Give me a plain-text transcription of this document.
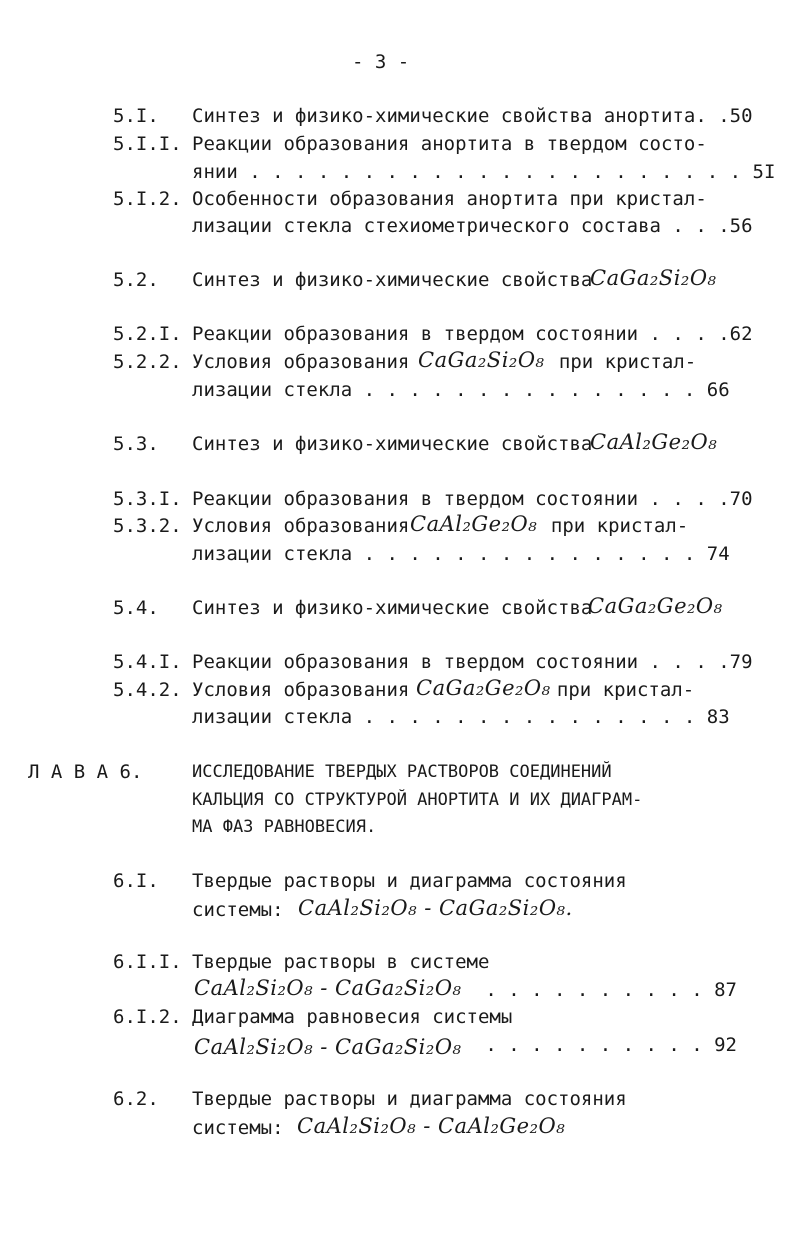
- 3 -
5.I. Синтез и физико-химические свойства анортита. .50
5.I.I. Реакции образования анортита в твердом состо-
янии . . . . . . . . . . . . . . . . . . . . . . 5I
5.I.2. Особенности образования анортита при кристал-
лизации стекла стехиометрического состава . . .56
5.2. Синтез и физико-химические свойства
CaGa₂Si₂O₈
5.2.I. Реакции образования в твердом состоянии . . . .62
5.2.2. Условия образования
CaGa₂Si₂O₈
при кристал-
лизации стекла . . . . . . . . . . . . . . . 66
5.3. Синтез и физико-химические свойства
CaAl₂Ge₂O₈
5.3.I. Реакции образования в твердом состоянии . . . .70
5.3.2. Условия образования
CaAl₂Ge₂O₈
при кристал-
лизации стекла . . . . . . . . . . . . . . . 74
5.4. Синтез и физико-химические свойства
CaGa₂Ge₂O₈
5.4.I. Реакции образования в твердом состоянии . . . .79
5.4.2. Условия образования
CaGa₂Ge₂O₈
при кристал-
лизации стекла . . . . . . . . . . . . . . . 83
Л А В А 6.	ИССЛЕДОВАНИЕ ТВЕРДЫХ РАСТВОРОВ СОЕДИНЕНИЙ
КАЛЬЦИЯ СО СТРУКТУРОЙ АНОРТИТА И ИХ ДИАГРАМ-
МА ФАЗ РАВНОВЕСИЯ.
6.I. Твердые растворы и диаграмма состояния
системы: CaAl₂Si₂O₈ - CaGa₂Si₂O₈.
6.I.I. Твердые растворы в системе
CaAl₂Si₂O₈ - CaGa₂Si₂O₈ . . . . . . . . . . 87
6.I.2. Диаграмма равновесия системы
CaAl₂Si₂O₈ - CaGa₂Si₂O₈ . . . . . . . . . . 92
6.2. Твердые растворы и диаграмма состояния
системы: CaAl₂Si₂O₈ - CaAl₂Ge₂O₈
